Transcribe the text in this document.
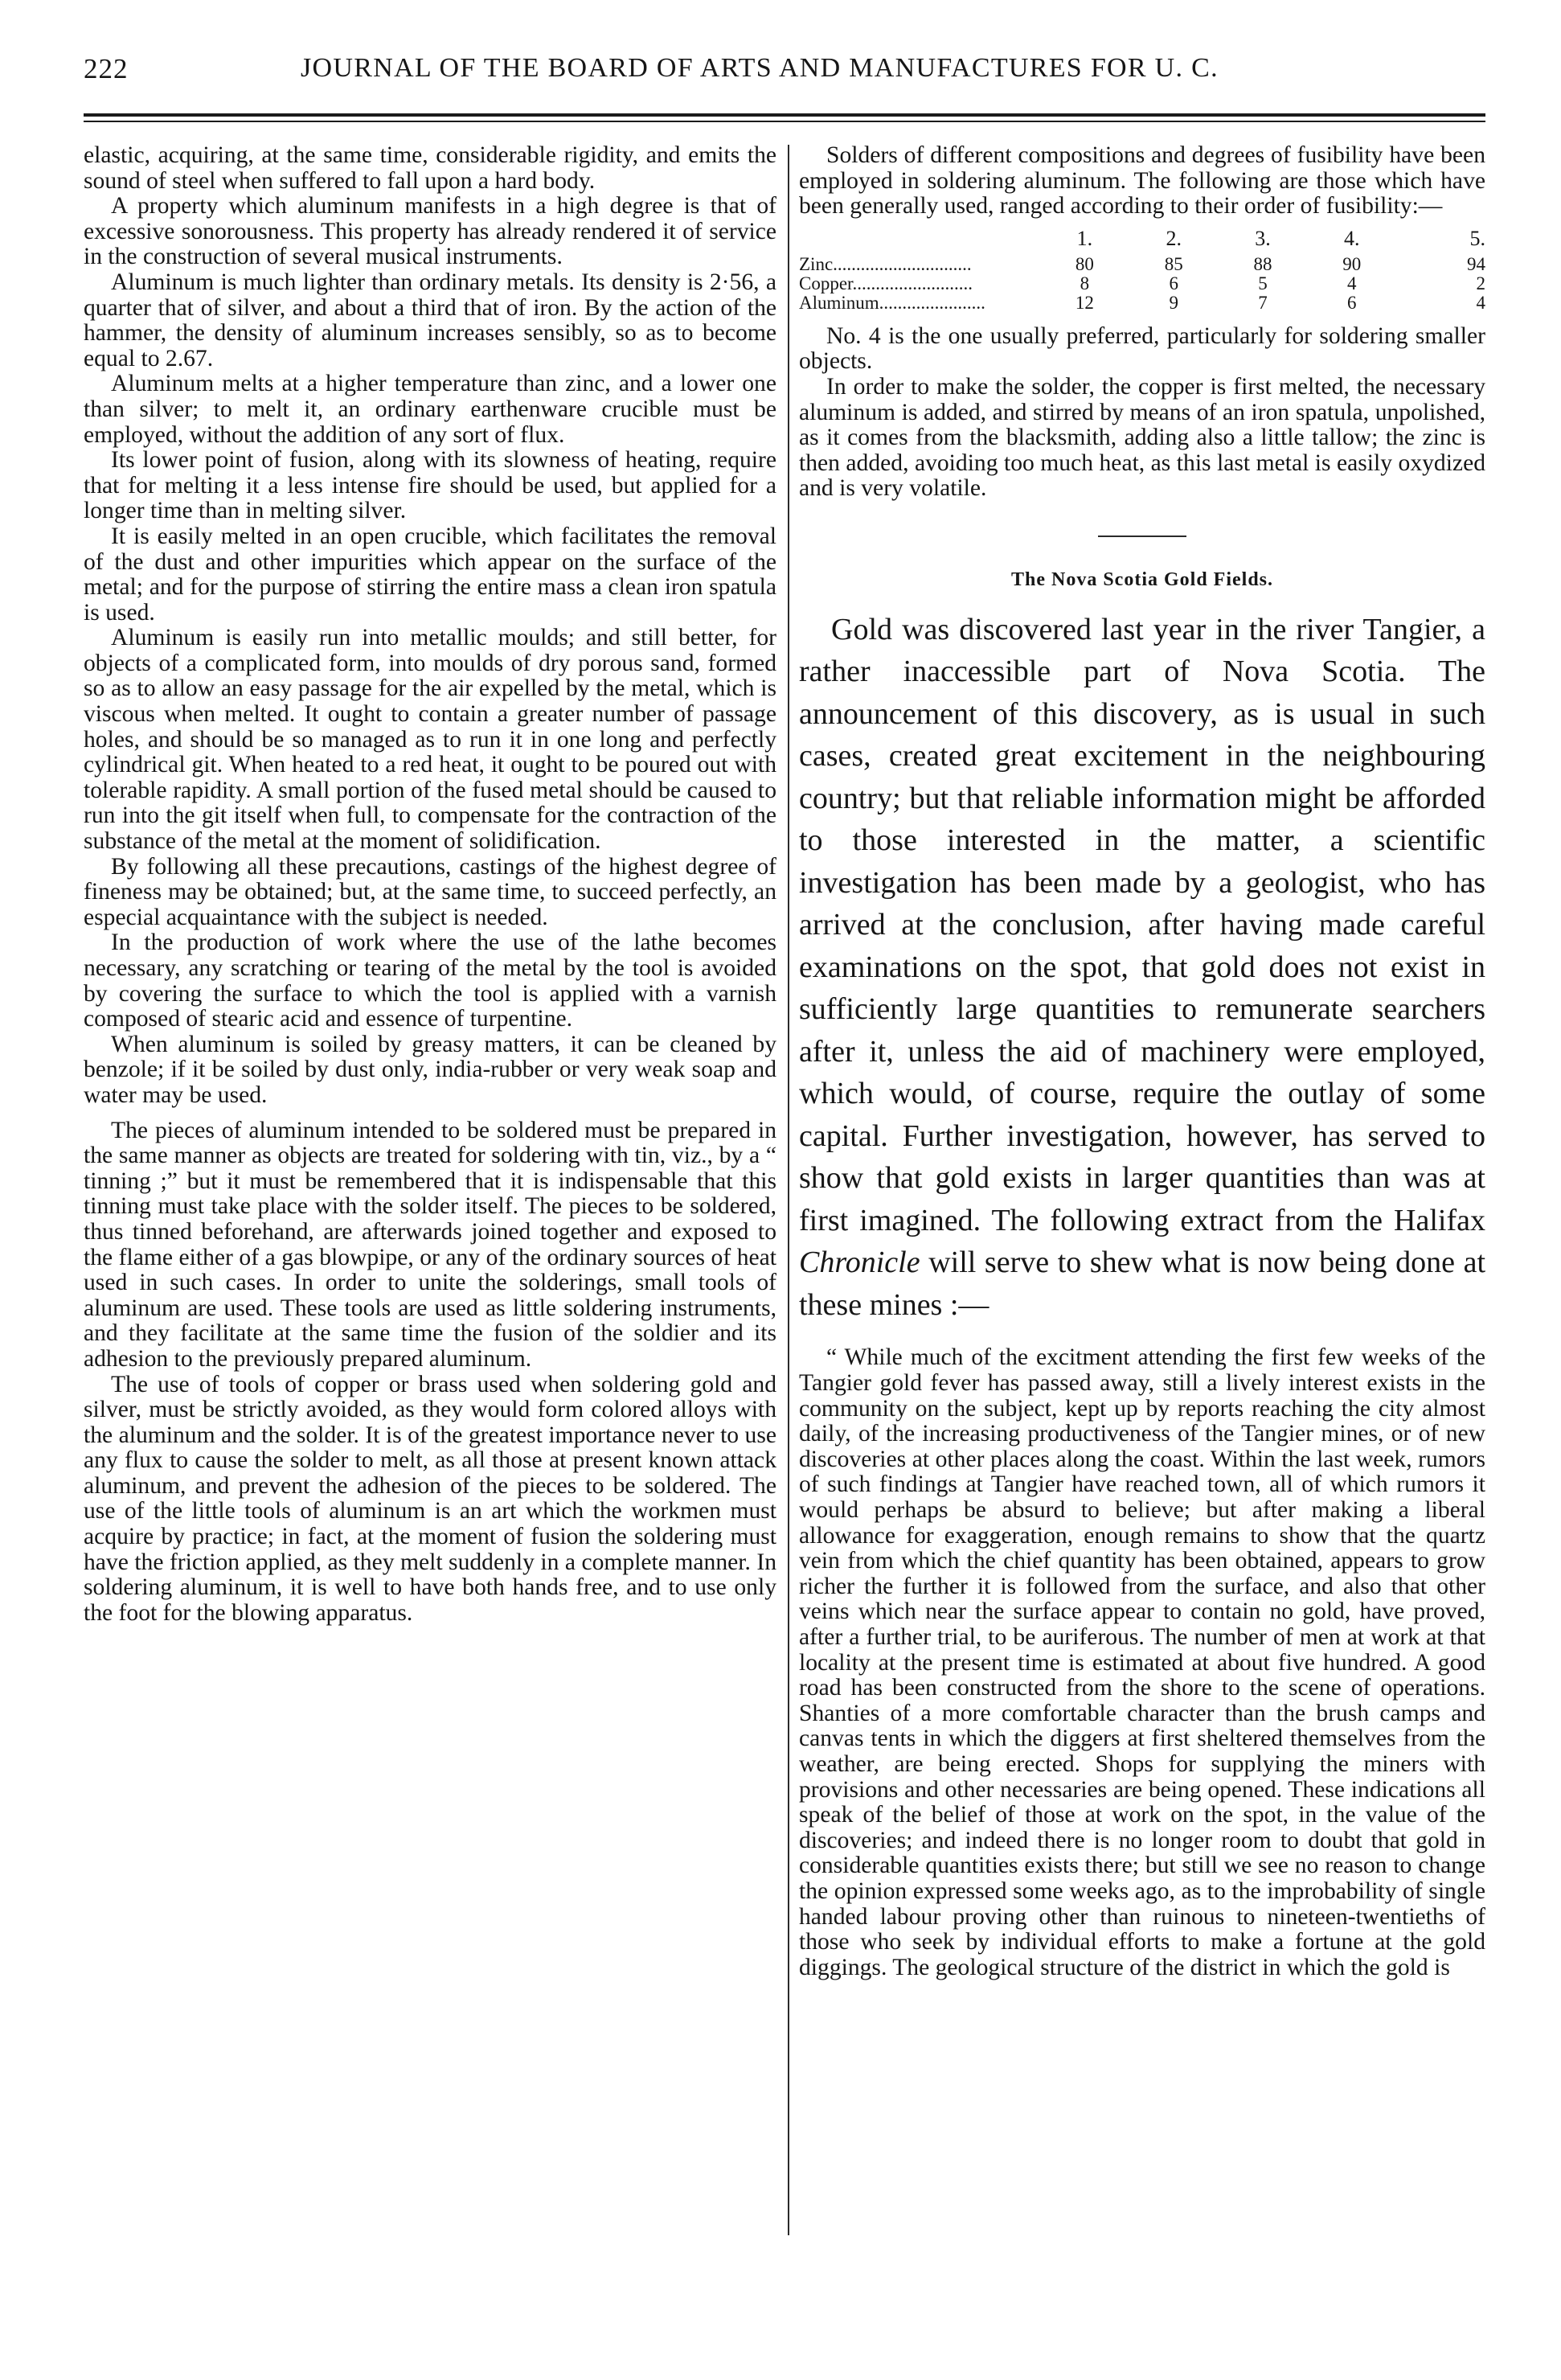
222	JOURNAL OF THE BOARD OF ARTS AND MANUFACTURES FOR U. C.

elastic, acquiring, at the same time, considerable rigidity, and emits the sound of steel when suffered to fall upon a hard body.

A property which aluminum manifests in a high degree is that of excessive sonorousness. This property has already rendered it of service in the construction of several musical instruments.

Aluminum is much lighter than ordinary metals. Its density is 2·56, a quarter that of silver, and about a third that of iron. By the action of the hammer, the density of aluminum increases sensibly, so as to become equal to 2.67.

Aluminum melts at a higher temperature than zinc, and a lower one than silver; to melt it, an ordinary earthenware crucible must be employed, without the addition of any sort of flux.

Its lower point of fusion, along with its slowness of heating, require that for melting it a less intense fire should be used, but applied for a longer time than in melting silver.

It is easily melted in an open crucible, which facilitates the removal of the dust and other impurities which appear on the surface of the metal; and for the purpose of stirring the entire mass a clean iron spatula is used.

Aluminum is easily run into metallic moulds; and still better, for objects of a complicated form, into moulds of dry porous sand, formed so as to allow an easy passage for the air expelled by the metal, which is viscous when melted. It ought to contain a greater number of passage holes, and should be so managed as to run it in one long and perfectly cylindrical git. When heated to a red heat, it ought to be poured out with tolerable rapidity. A small portion of the fused metal should be caused to run into the git itself when full, to compensate for the contraction of the substance of the metal at the moment of solidification.

By following all these precautions, castings of the highest degree of fineness may be obtained; but, at the same time, to succeed perfectly, an especial acquaintance with the subject is needed.

In the production of work where the use of the lathe becomes necessary, any scratching or tearing of the metal by the tool is avoided by covering the surface to which the tool is applied with a varnish composed of stearic acid and essence of turpentine.

When aluminum is soiled by greasy matters, it can be cleaned by benzole; if it be soiled by dust only, india-rubber or very weak soap and water may be used.

The pieces of aluminum intended to be soldered must be prepared in the same manner as objects are treated for soldering with tin, viz., by a “ tinning ;” but it must be remembered that it is indispensable that this tinning must take place with the solder itself. The pieces to be soldered, thus tinned beforehand, are afterwards joined together and exposed to the flame either of a gas blowpipe, or any of the ordinary sources of heat used in such cases. In order to unite the solderings, small tools of aluminum are used. These tools are used as little soldering instruments, and they facilitate at the same time the fusion of the soldier and its adhesion to the previously prepared aluminum.

The use of tools of copper or brass used when soldering gold and silver, must be strictly avoided, as they would form colored alloys with the aluminum and the solder. It is of the greatest importance never to use any flux to cause the solder to melt, as all those at present known attack aluminum, and prevent the adhesion of the pieces to be soldered. The use of the little tools of aluminum is an art which the workmen must acquire by practice; in fact, at the moment of fusion the soldering must have the friction applied, as they melt suddenly in a complete manner. In soldering aluminum, it is well to have both hands free, and to use only the foot for the blowing apparatus.

Solders of different compositions and degrees of fusibility have been employed in soldering aluminum. The following are those which have been generally used, ranged according to their order of fusibility:—

	1.	2.	3.	4.	5.
Zinc..............................	80	85	88	90	94
Copper..........................	8	6	5	4	2
Aluminum.......................	12	9	7	6	4

No. 4 is the one usually preferred, particularly for soldering smaller objects.

In order to make the solder, the copper is first melted, the necessary aluminum is added, and stirred by means of an iron spatula, unpolished, as it comes from the blacksmith, adding also a little tallow; the zinc is then added, avoiding too much heat, as this last metal is easily oxydized and is very volatile.

The Nova Scotia Gold Fields.

Gold was discovered last year in the river Tangier, a rather inaccessible part of Nova Scotia. The announcement of this discovery, as is usual in such cases, created great excitement in the neighbouring country; but that reliable information might be afforded to those interested in the matter, a scientific investigation has been made by a geologist, who has arrived at the conclusion, after having made careful examinations on the spot, that gold does not exist in sufficiently large quantities to remunerate searchers after it, unless the aid of machinery were employed, which would, of course, require the outlay of some capital. Further investigation, however, has served to show that gold exists in larger quantities than was at first imagined. The following extract from the Halifax Chronicle will serve to shew what is now being done at these mines :—

“ While much of the excitment attending the first few weeks of the Tangier gold fever has passed away, still a lively interest exists in the community on the subject, kept up by reports reaching the city almost daily, of the increasing productiveness of the Tangier mines, or of new discoveries at other places along the coast. Within the last week, rumors of such findings at Tangier have reached town, all of which rumors it would perhaps be absurd to believe; but after making a liberal allowance for exaggeration, enough remains to show that the quartz vein from which the chief quantity has been obtained, appears to grow richer the further it is followed from the surface, and also that other veins which near the surface appear to contain no gold, have proved, after a further trial, to be auriferous. The number of men at work at that locality at the present time is estimated at about five hundred. A good road has been constructed from the shore to the scene of operations. Shanties of a more comfortable character than the brush camps and canvas tents in which the diggers at first sheltered themselves from the weather, are being erected. Shops for supplying the miners with provisions and other necessaries are being opened. These indications all speak of the belief of those at work on the spot, in the value of the discoveries; and indeed there is no longer room to doubt that gold in considerable quantities exists there; but still we see no reason to change the opinion expressed some weeks ago, as to the improbability of single handed labour proving other than ruinous to nineteen-twentieths of those who seek by individual efforts to make a fortune at the gold diggings. The geological structure of the district in which the gold is
